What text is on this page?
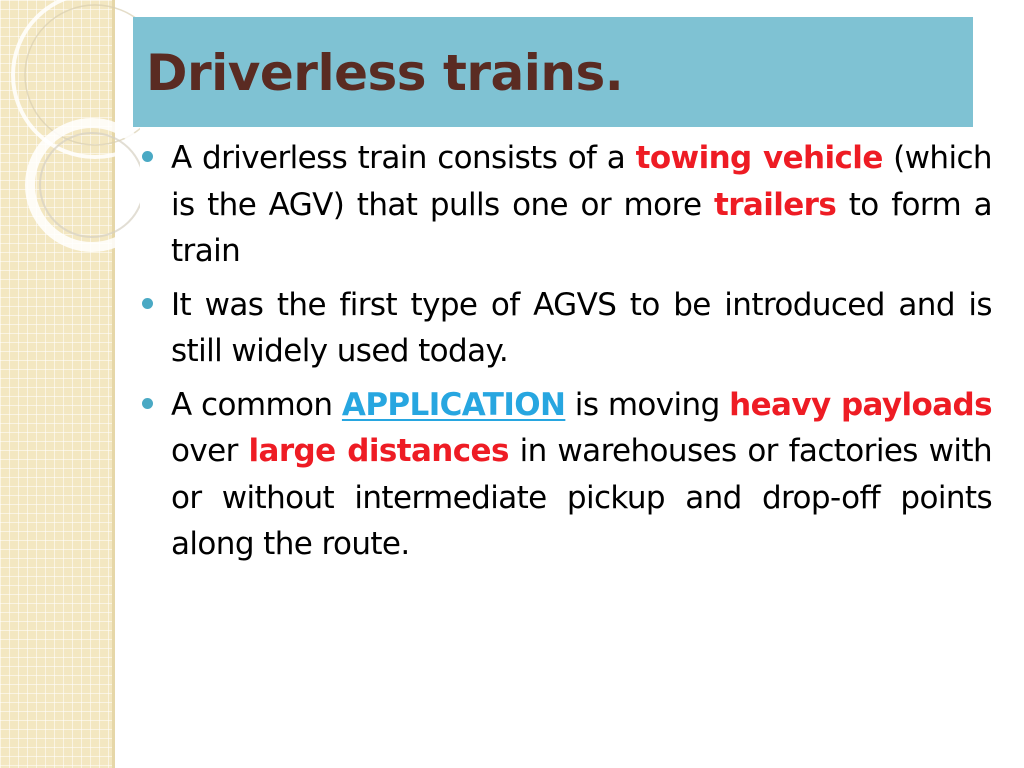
Driverless trains.

A driverless train consists of a towing vehicle (which is the AGV) that pulls one or more trailers to form a train

It was the first type of AGVS to be introduced and is still widely used today.

A common APPLICATION is moving heavy payloads over large distances in warehouses or factories with or without intermediate pickup and drop-off points along the route.
